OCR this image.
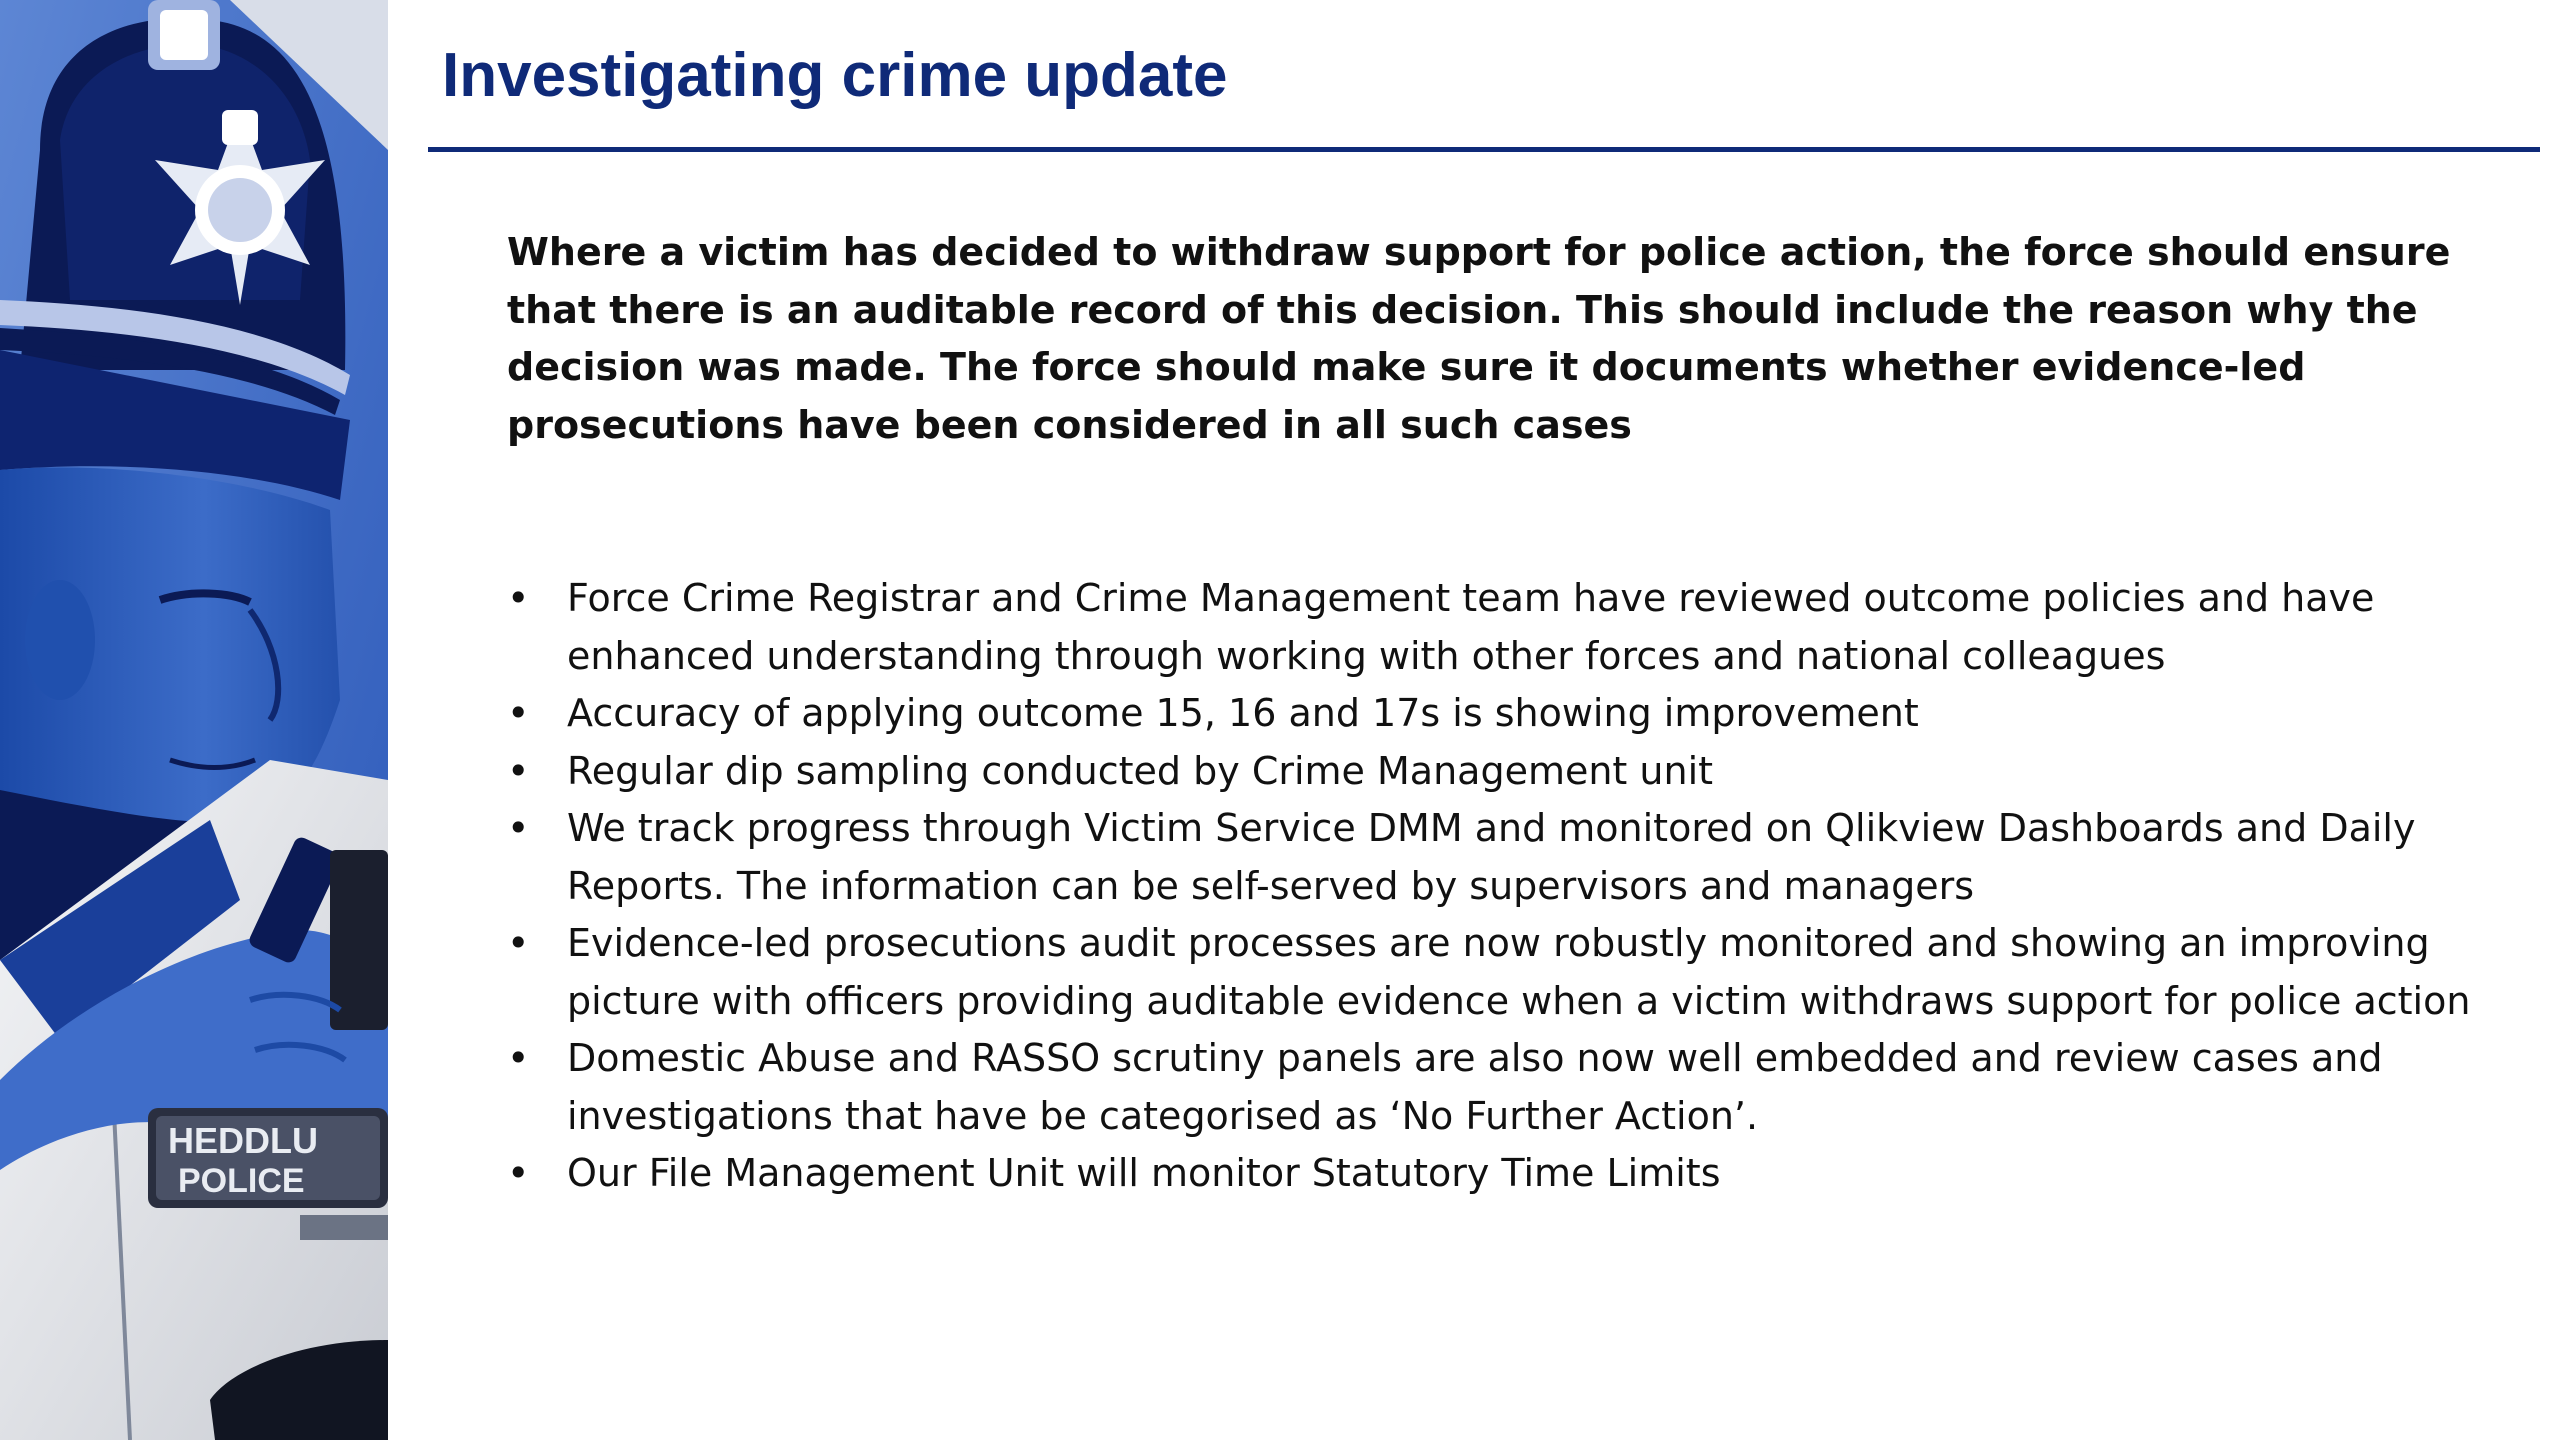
HEDDLU
POLICE
Investigating crime update

Where a victim has decided to withdraw support for police action, the force should ensure that there is an auditable record of this decision. This should include the reason why the decision was made. The force should make sure it documents whether evidence-led prosecutions have been considered in all such cases

• Force Crime Registrar and Crime Management team have reviewed outcome policies and have enhanced understanding through working with other forces and national colleagues
• Accuracy of applying outcome 15, 16 and 17s is showing improvement
• Regular dip sampling conducted by Crime Management unit
• We track progress through Victim Service DMM and monitored on Qlikview Dashboards and Daily Reports. The information can be self-served by supervisors and managers
• Evidence-led prosecutions audit processes are now robustly monitored and showing an improving picture with officers providing auditable evidence when a victim withdraws support for police action
• Domestic Abuse and RASSO scrutiny panels are also now well embedded and review cases and investigations that have be categorised as ‘No Further Action’.
• Our File Management Unit will monitor Statutory Time Limits
